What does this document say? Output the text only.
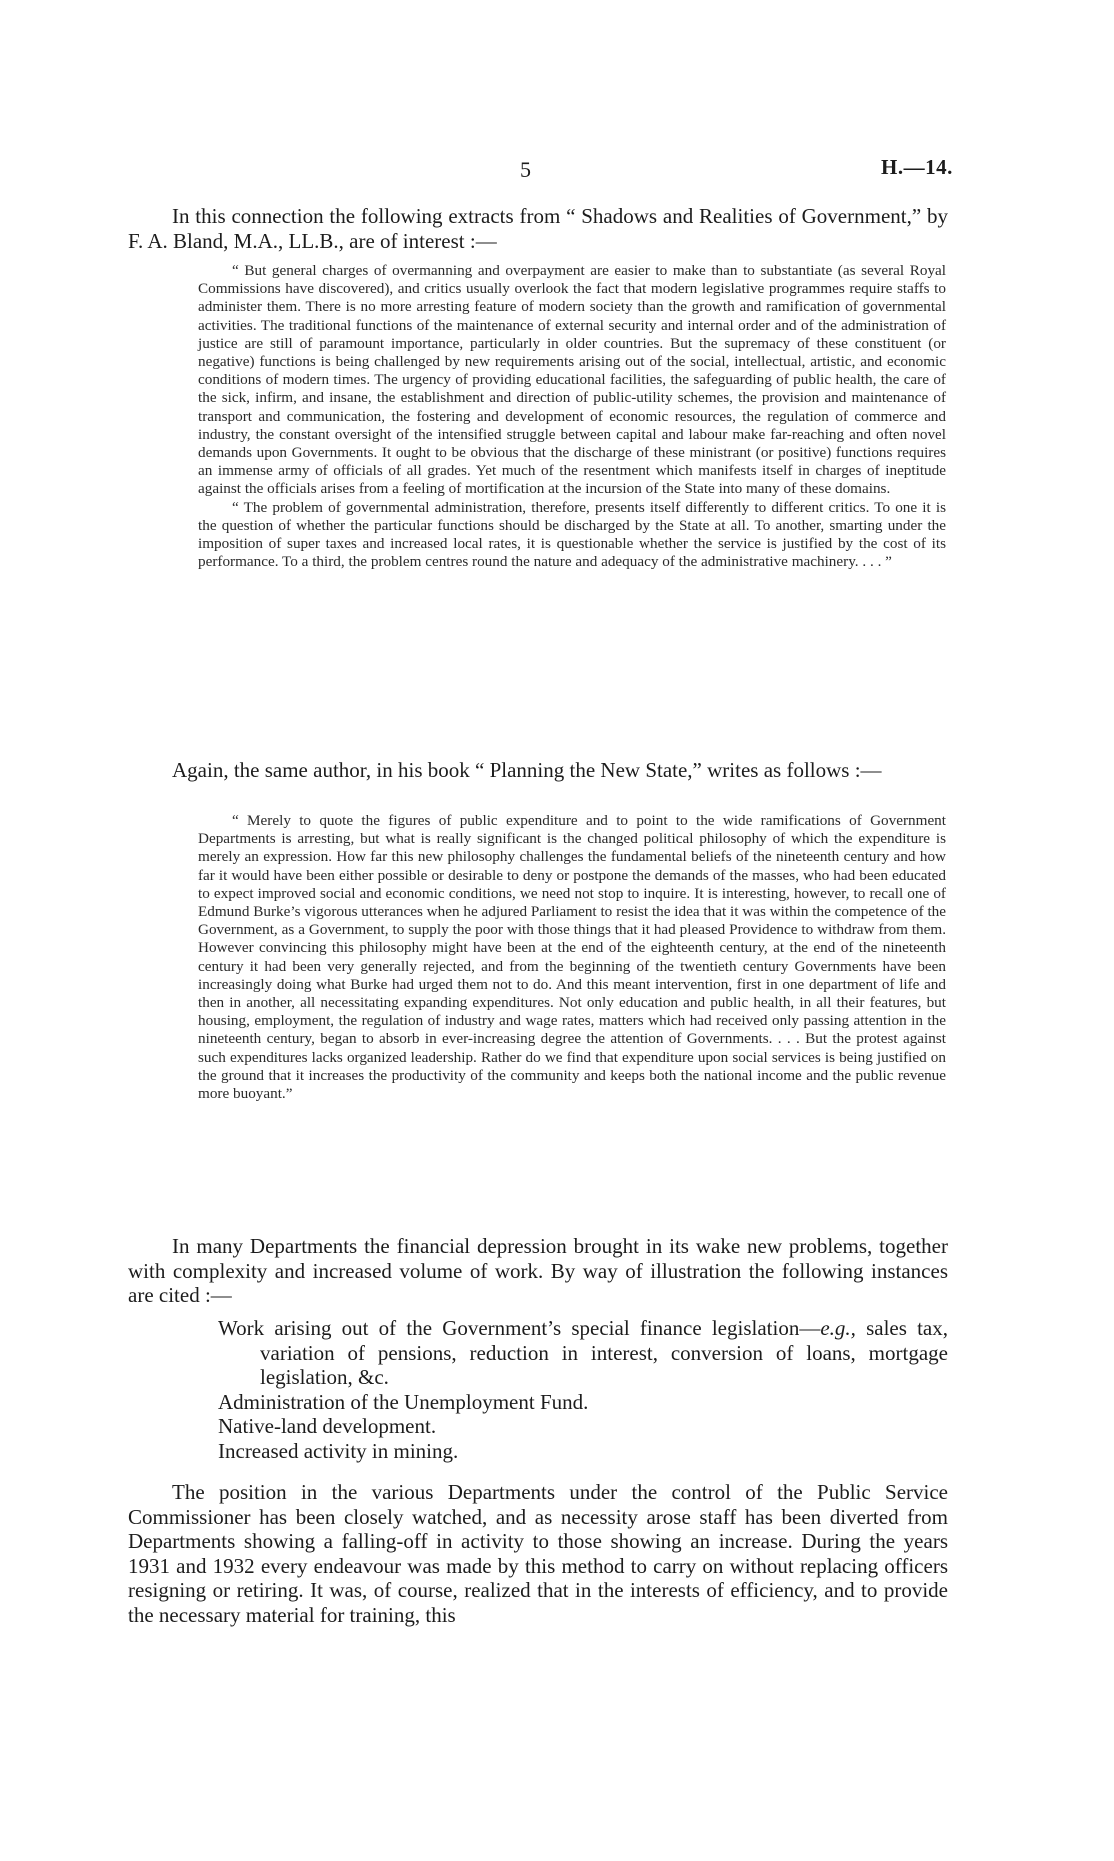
5	H.—14.

In this connection the following extracts from “ Shadows and Realities of Government,” by F. A. Bland, M.A., LL.B., are of interest :—

“ But general charges of overmanning and overpayment are easier to make than to substantiate (as several Royal Commissions have discovered), and critics usually overlook the fact that modern legislative programmes require staffs to administer them. There is no more arresting feature of modern society than the growth and ramification of governmental activities. The traditional functions of the maintenance of external security and internal order and of the administration of justice are still of paramount importance, particularly in older countries. But the supremacy of these constituent (or negative) functions is being challenged by new requirements arising out of the social, intellectual, artistic, and economic conditions of modern times. The urgency of providing educational facilities, the safeguarding of public health, the care of the sick, infirm, and insane, the establishment and direction of public-utility schemes, the provision and maintenance of transport and communication, the fostering and development of economic resources, the regulation of commerce and industry, the constant oversight of the intensified struggle between capital and labour make far-reaching and often novel demands upon Governments. It ought to be obvious that the discharge of these ministrant (or positive) functions requires an immense army of officials of all grades. Yet much of the resentment which manifests itself in charges of ineptitude against the officials arises from a feeling of mortification at the incursion of the State into many of these domains.

“ The problem of governmental administration, therefore, presents itself differently to different critics. To one it is the question of whether the particular functions should be discharged by the State at all. To another, smarting under the imposition of super taxes and increased local rates, it is questionable whether the service is justified by the cost of its performance. To a third, the problem centres round the nature and adequacy of the administrative machinery. . . . ”

Again, the same author, in his book “ Planning the New State,” writes as follows :—

“ Merely to quote the figures of public expenditure and to point to the wide ramifications of Government Departments is arresting, but what is really significant is the changed political philosophy of which the expenditure is merely an expression. How far this new philosophy challenges the fundamental beliefs of the nineteenth century and how far it would have been either possible or desirable to deny or postpone the demands of the masses, who had been educated to expect improved social and economic conditions, we need not stop to inquire. It is interesting, however, to recall one of Edmund Burke’s vigorous utterances when he adjured Parliament to resist the idea that it was within the competence of the Government, as a Government, to supply the poor with those things that it had pleased Providence to withdraw from them. However convincing this philosophy might have been at the end of the eighteenth century, at the end of the nineteenth century it had been very generally rejected, and from the beginning of the twentieth century Governments have been increasingly doing what Burke had urged them not to do. And this meant intervention, first in one department of life and then in another, all necessitating expanding expenditures. Not only education and public health, in all their features, but housing, employment, the regulation of industry and wage rates, matters which had received only passing attention in the nineteenth century, began to absorb in ever-increasing degree the attention of Governments. . . . But the protest against such expenditures lacks organized leadership. Rather do we find that expenditure upon social services is being justified on the ground that it increases the productivity of the community and keeps both the national income and the public revenue more buoyant.”

In many Departments the financial depression brought in its wake new problems, together with complexity and increased volume of work. By way of illustration the following instances are cited :—

Work arising out of the Government’s special finance legislation—e.g., sales tax, variation of pensions, reduction in interest, conversion of loans, mortgage legislation, &c.
Administration of the Unemployment Fund.
Native-land development.
Increased activity in mining.

The position in the various Departments under the control of the Public Service Commissioner has been closely watched, and as necessity arose staff has been diverted from Departments showing a falling-off in activity to those showing an increase. During the years 1931 and 1932 every endeavour was made by this method to carry on without replacing officers resigning or retiring. It was, of course, realized that in the interests of efficiency, and to provide the necessary material for training, this
